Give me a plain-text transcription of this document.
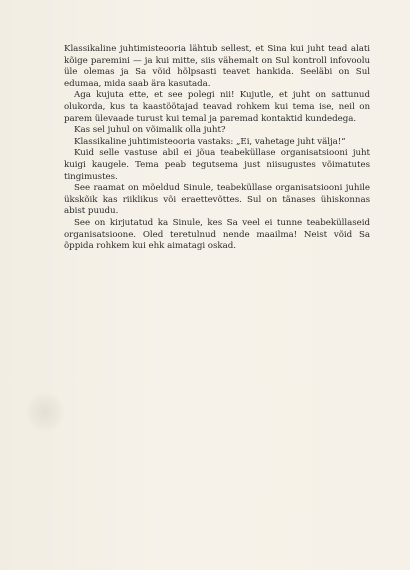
Klassikaline juhtimisteooria lähtub sellest, et Sina kui juht tead alati kõige paremini — ja kui mitte, siis vähemalt on Sul kontroll infovoolu üle olemas ja Sa võid hõlpsasti teavet hankida. Seeläbi on Sul edumaa, mida saab ära kasutada.

Aga kujuta ette, et see polegi nii! Kujutle, et juht on sattunud olukorda, kus ta kaastöötajad teavad rohkem kui tema ise, neil on parem ülevaade turust kui temal ja paremad kontaktid kundedega.

Kas sel juhul on võimalik olla juht?

Klassikaline juhtimisteooria vastaks: „Ei, vahetage juht välja!“

Kuid selle vastuse abil ei jõua teabeküllase organisatsiooni juht kuigi kaugele. Tema peab tegutsema just niisugustes võimatutes tingimustes.

See raamat on mõeldud Sinule, teabeküllase organisatsiooni juhile ükskõik kas riiklikus või eraettevõttes. Sul on tänases ühiskonnas abist puudu.

See on kirjutatud ka Sinule, kes Sa veel ei tunne teabeküllaseid organisatsioone. Oled teretulnud nende maailma! Neist võid Sa õppida rohkem kui ehk aimatagi oskad.
